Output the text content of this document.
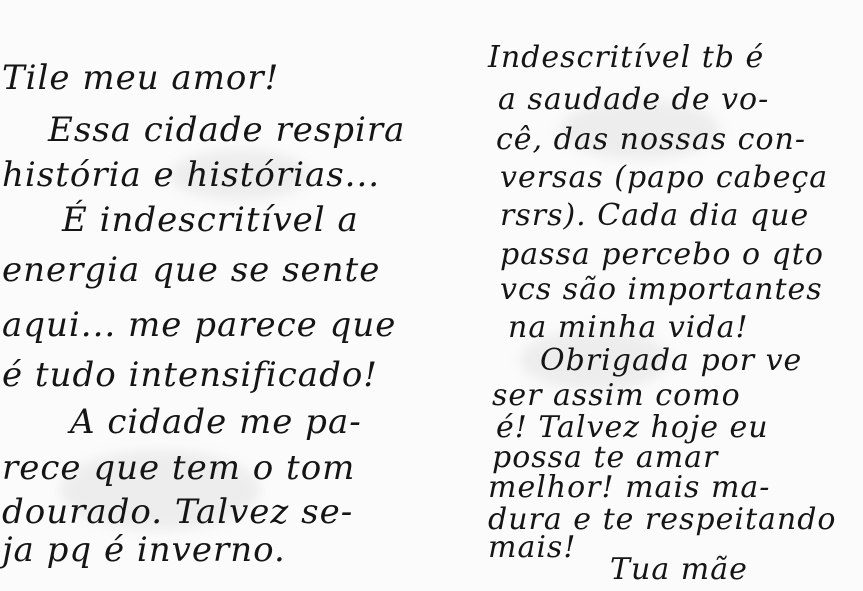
Tile meu amor!
Essa cidade respira
história e histórias...
É indescritível a
energia que se sente
aqui... me parece que
é tudo intensificado!
A cidade me pa-
rece que tem o tom
dourado. Talvez se-
ja pq é inverno.
Indescritível tb é
a saudade de vo-
cê, das nossas con-
versas (papo cabeça
rsrs). Cada dia que
passa percebo o qto
vcs são importantes
na minha vida!
Obrigada por ve
ser assim como
é! Talvez hoje eu
possa te amar
melhor! mais ma-
dura e te respeitando
mais!
Tua mãe
